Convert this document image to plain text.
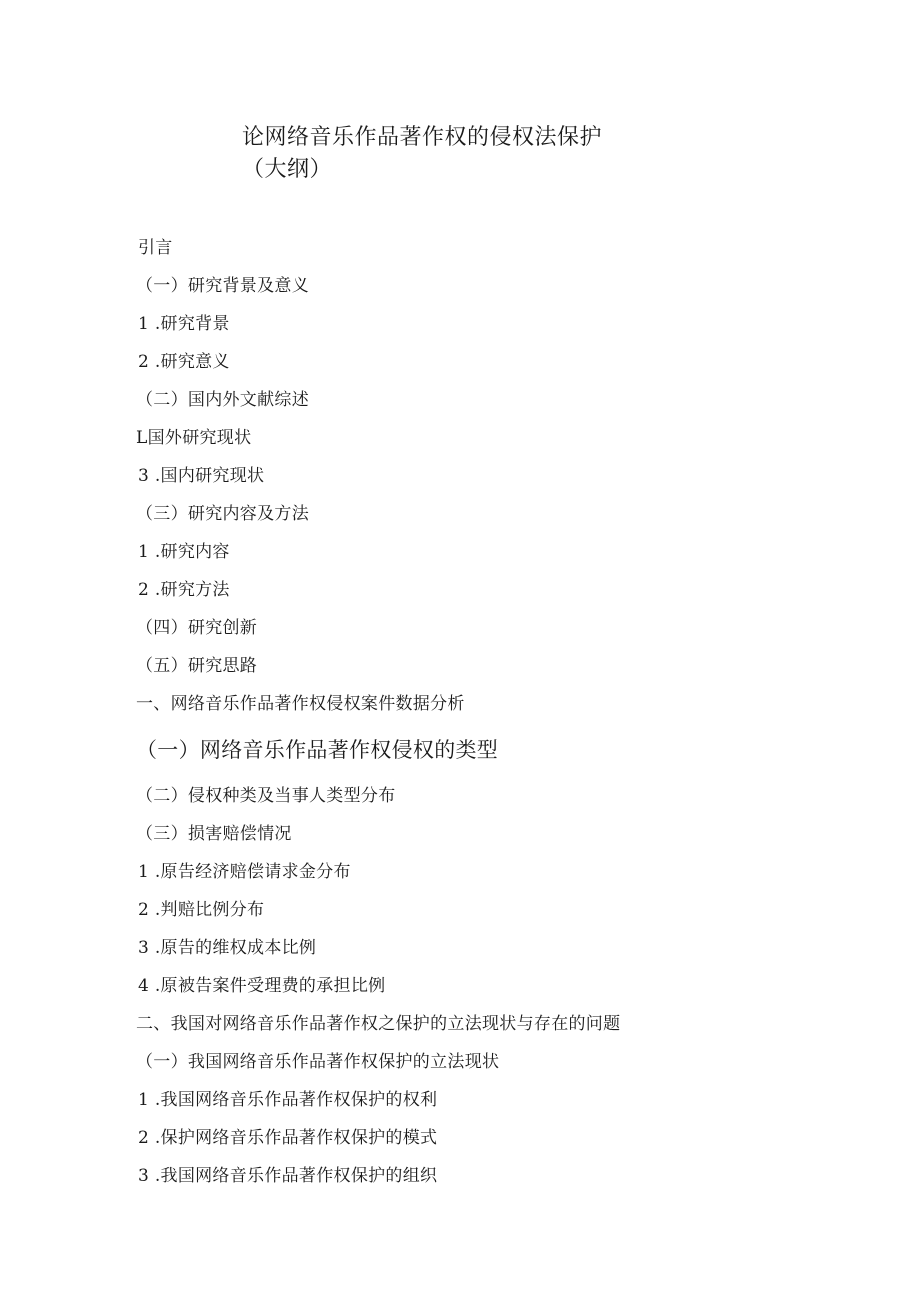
论网络音乐作品著作权的侵权法保护（大纲）
引言
（一）研究背景及意义
1 .研究背景
2 .研究意义
（二）国内外文献综述
L国外研究现状
3 .国内研究现状
（三）研究内容及方法
1 .研究内容
2 .研究方法
（四）研究创新
（五）研究思路
一、网络音乐作品著作权侵权案件数据分析
（一）网络音乐作品著作权侵权的类型
（二）侵权种类及当事人类型分布
（三）损害赔偿情况
1 .原告经济赔偿请求金分布
2 .判赔比例分布
3 .原告的维权成本比例
4 .原被告案件受理费的承担比例
二、我国对网络音乐作品著作权之保护的立法现状与存在的问题
（一）我国网络音乐作品著作权保护的立法现状
1 .我国网络音乐作品著作权保护的权利
2 .保护网络音乐作品著作权保护的模式
3 .我国网络音乐作品著作权保护的组织
